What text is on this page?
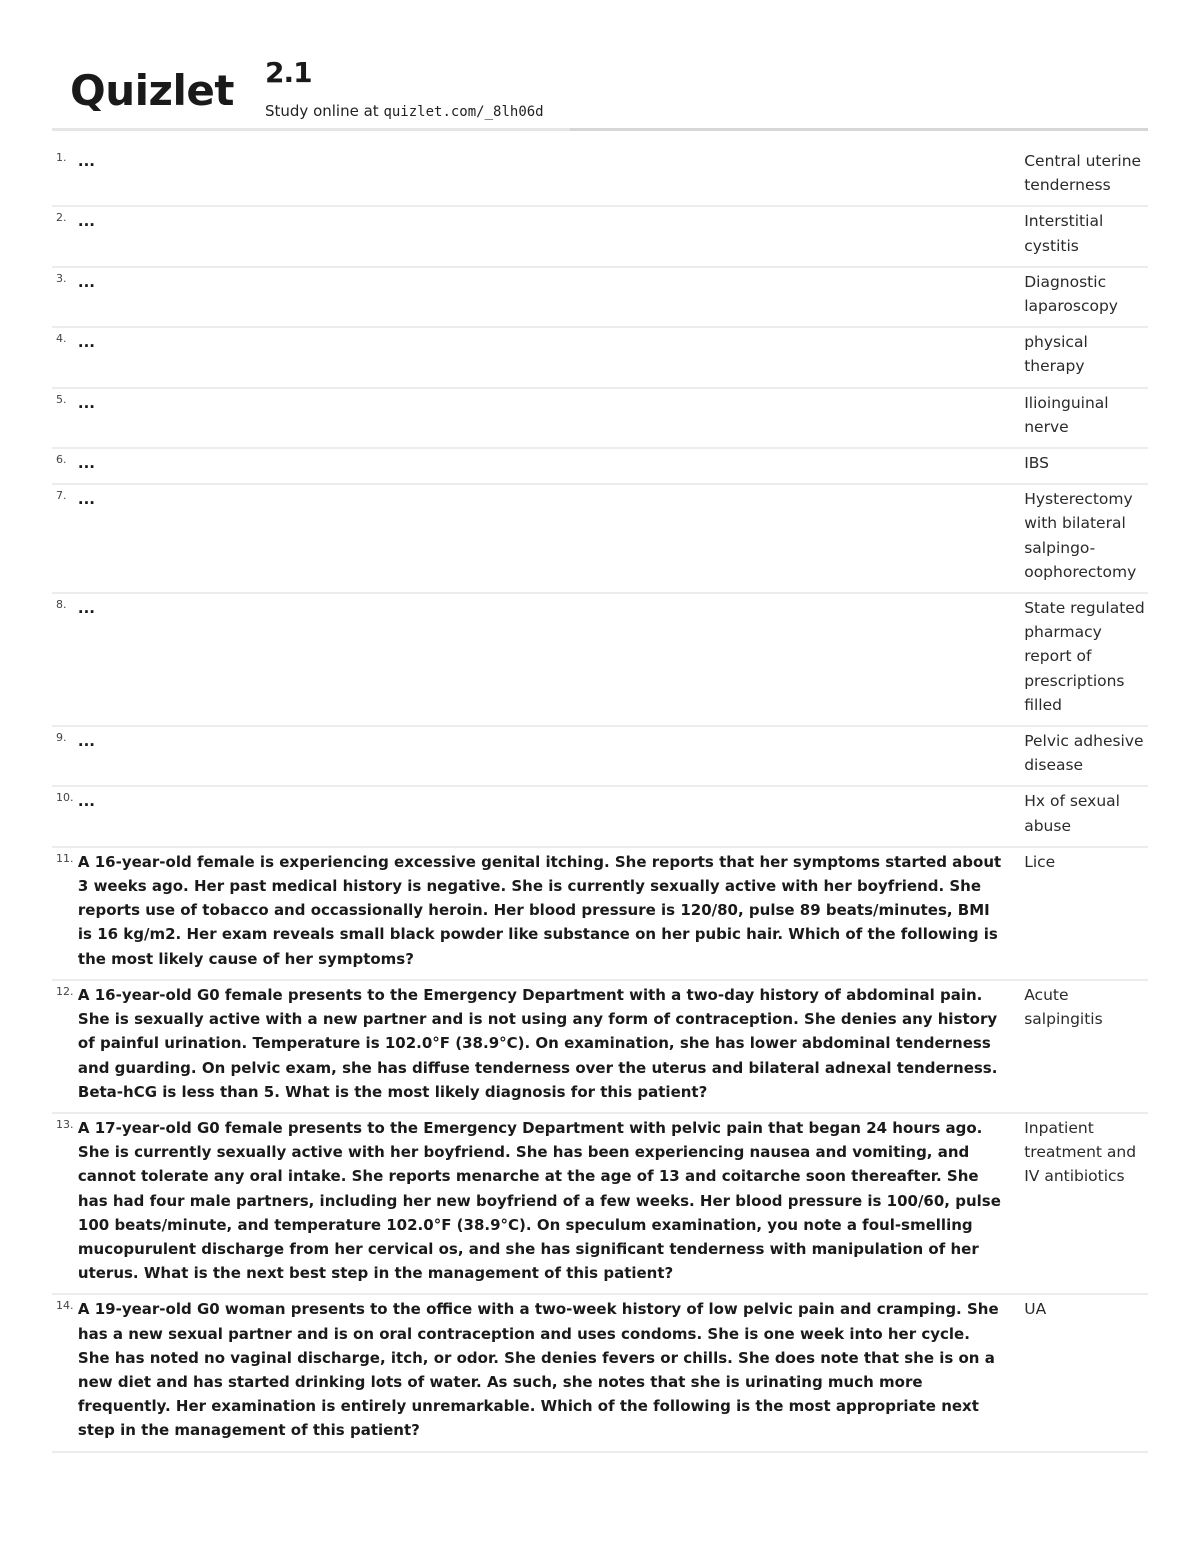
Quizlet 2.1
Study online at quizlet.com/_8lh06d
1.	...	Central uterine tenderness
2.	...	Interstitial cystitis
3.	...	Diagnostic laparoscopy
4.	...	physical therapy
5.	...	Ilioinguinal nerve
6.	...	IBS
7.	...	Hysterectomy with bilateral salpingo-oophorectomy
8.	...	State regulated pharmacy report of prescriptions filled
9.	...	Pelvic adhesive disease
10.	...	Hx of sexual abuse
11.	A 16-year-old female is experiencing excessive genital itching. She reports that her symptoms started about 3 weeks ago. Her past medical history is negative. She is currently sexually active with her boyfriend. She reports use of tobacco and occassionally heroin. Her blood pressure is 120/80, pulse 89 beats/minutes, BMI is 16 kg/m2. Her exam reveals small black powder like substance on her pubic hair. Which of the following is the most likely cause of her symptoms?	Lice
12.	A 16-year-old G0 female presents to the Emergency Department with a two-day history of abdominal pain. She is sexually active with a new partner and is not using any form of contraception. She denies any history of painful urination. Temperature is 102.0°F (38.9°C). On examination, she has lower abdominal tenderness and guarding. On pelvic exam, she has diffuse tenderness over the uterus and bilateral adnexal tenderness. Beta-hCG is less than 5. What is the most likely diagnosis for this patient?	Acute salpingitis
13.	A 17-year-old G0 female presents to the Emergency Department with pelvic pain that began 24 hours ago. She is currently sexually active with her boyfriend. She has been experiencing nausea and vomiting, and cannot tolerate any oral intake. She reports menarche at the age of 13 and coitarche soon thereafter. She has had four male partners, including her new boyfriend of a few weeks. Her blood pressure is 100/60, pulse 100 beats/minute, and temperature 102.0°F (38.9°C). On speculum examination, you note a foul-smelling mucopurulent discharge from her cervical os, and she has significant tenderness with manipulation of her uterus. What is the next best step in the management of this patient?	Inpatient treatment and IV antibiotics
14.	A 19-year-old G0 woman presents to the office with a two-week history of low pelvic pain and cramping. She has a new sexual partner and is on oral contraception and uses condoms. She is one week into her cycle. She has noted no vaginal discharge, itch, or odor. She denies fevers or chills. She does note that she is on a new diet and has started drinking lots of water. As such, she notes that she is urinating much more frequently. Her examination is entirely unremarkable. Which of the following is the most appropriate next step in the management of this patient?	UA
